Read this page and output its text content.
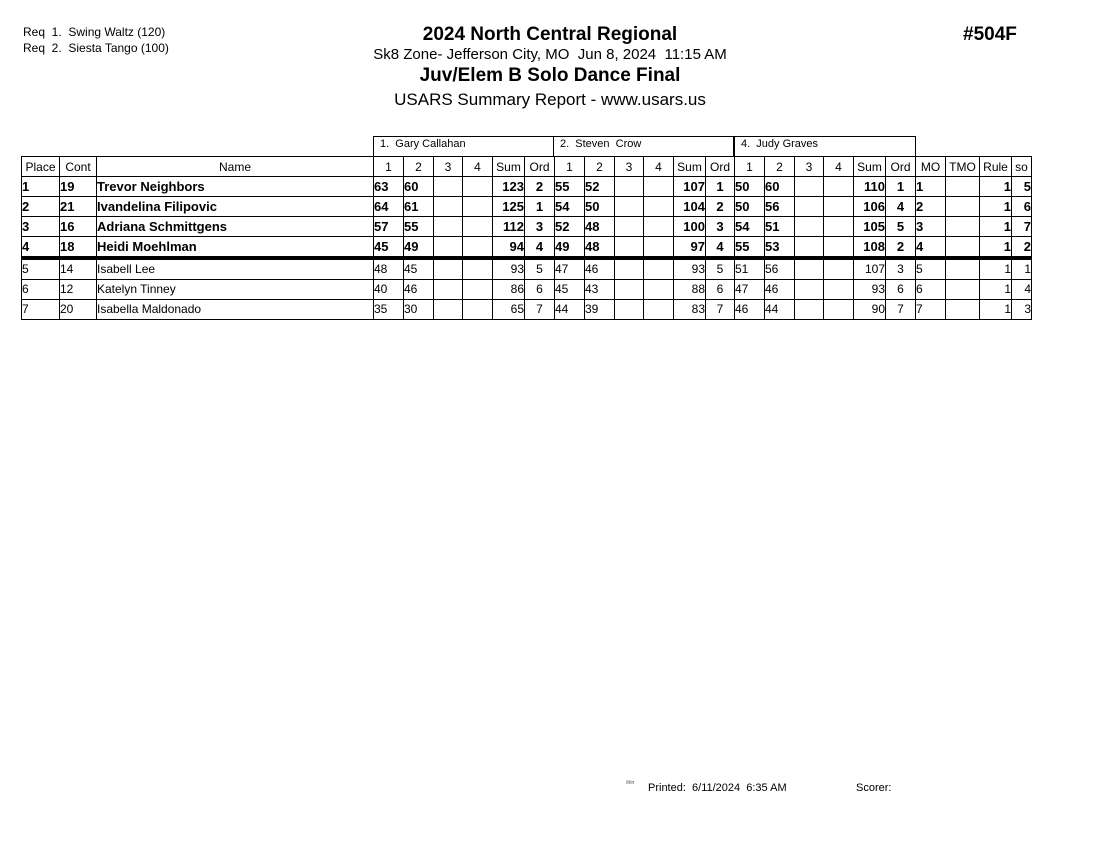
Req  1.  Swing Waltz (120)
Req  2.  Siesta Tango (100)
2024 North Central Regional
Sk8 Zone- Jefferson City, MO  Jun 8, 2024  11:15 AM
Juv/Elem B Solo Dance Final
USARS Summary Report - www.usars.us
#504F
1.  Gary Callahan	2.  Steven  Crow	4.  Judy Graves
Place	Cont	Name	1	2	3	4	Sum	Ord	1	2	3	4	Sum	Ord	1	2	3	4	Sum	Ord	MO	TMO	Rule	so
1	19	Trevor Neighbors	63	60			123	2	55	52			107	1	50	60			110	1	1		1	5
2	21	Ivandelina Filipovic	64	61			125	1	54	50			104	2	50	56			106	4	2		1	6
3	16	Adriana Schmittgens	57	55			112	3	52	48			100	3	54	51			105	5	3		1	7
4	18	Heidi Moehlman	45	49			94	4	49	48			97	4	55	53			108	2	4		1	2
5	14	Isabell Lee	48	45			93	5	47	46			93	5	51	56			107	3	5		1	1
6	12	Katelyn Tinney	40	46			86	6	45	43			88	6	47	46			93	6	6		1	4
7	20	Isabella Maldonado	35	30			65	7	44	39			83	7	46	44			90	7	7		1	3
²³¹⁵ Printed:  6/11/2024  6:35 AM	Scorer:
